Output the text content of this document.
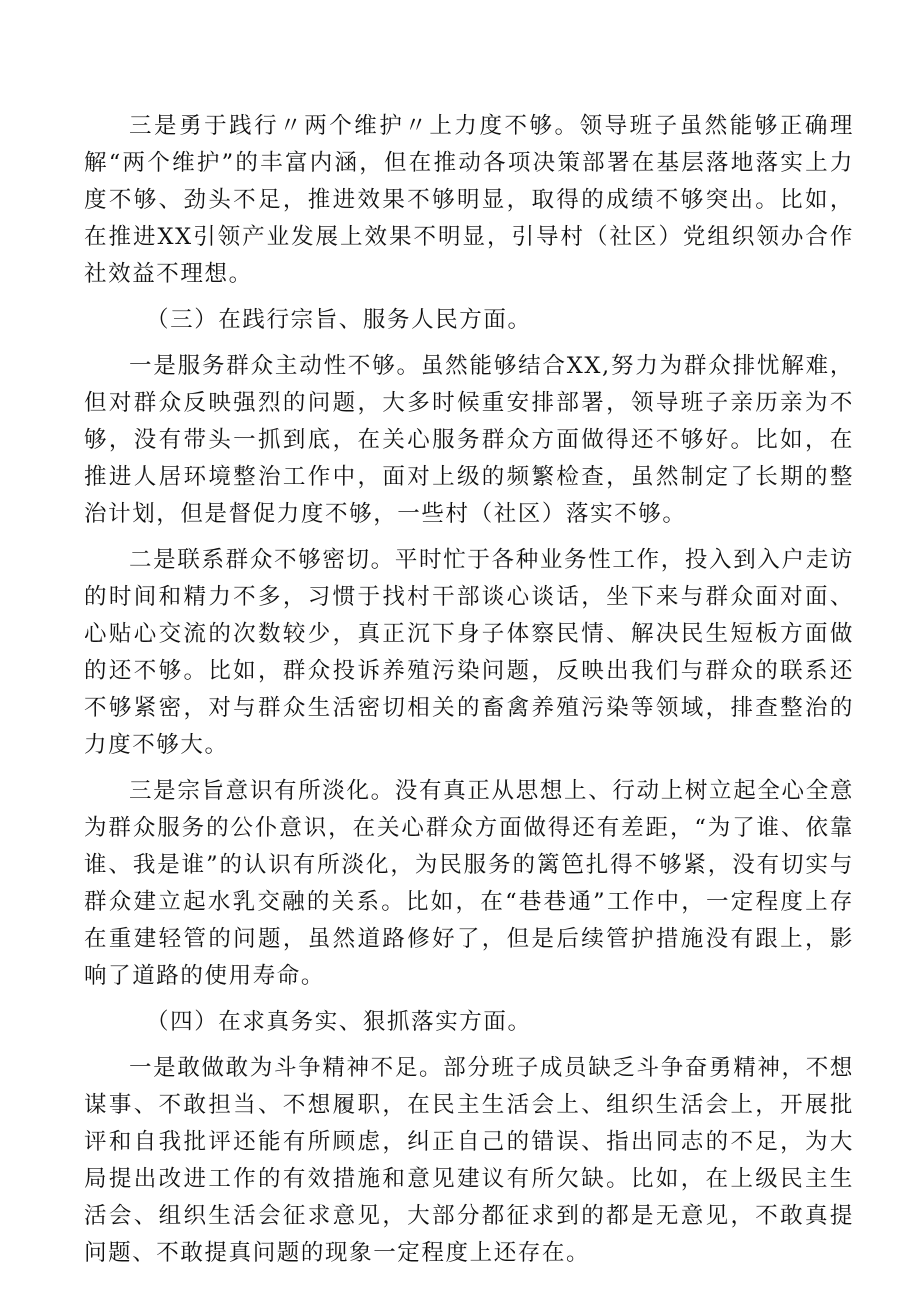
三是勇于践行〃两个维护〃上力度不够。领导班子虽然能够正确理解“两个维护”的丰富内涵，但在推动各项决策部署在基层落地落实上力度不够、劲头不足，推进效果不够明显，取得的成绩不够突出。比如，在推进XX引领产业发展上效果不明显，引导村（社区）党组织领办合作社效益不理想。

（三）在践行宗旨、服务人民方面。

一是服务群众主动性不够。虽然能够结合XX,努力为群众排忧解难，但对群众反映强烈的问题，大多时候重安排部署，领导班子亲历亲为不够，没有带头一抓到底，在关心服务群众方面做得还不够好。比如，在推进人居环境整治工作中，面对上级的频繁检查，虽然制定了长期的整治计划，但是督促力度不够，一些村（社区）落实不够。

二是联系群众不够密切。平时忙于各种业务性工作，投入到入户走访的时间和精力不多，习惯于找村干部谈心谈话，坐下来与群众面对面、心贴心交流的次数较少，真正沉下身子体察民情、解决民生短板方面做的还不够。比如，群众投诉养殖污染问题，反映出我们与群众的联系还不够紧密，对与群众生活密切相关的畜禽养殖污染等领域，排查整治的力度不够大。

三是宗旨意识有所淡化。没有真正从思想上、行动上树立起全心全意为群众服务的公仆意识，在关心群众方面做得还有差距，“为了谁、依靠谁、我是谁”的认识有所淡化，为民服务的篱笆扎得不够紧，没有切实与群众建立起水乳交融的关系。比如，在“巷巷通”工作中，一定程度上存在重建轻管的问题，虽然道路修好了，但是后续管护措施没有跟上，影响了道路的使用寿命。

（四）在求真务实、狠抓落实方面。

一是敢做敢为斗争精神不足。部分班子成员缺乏斗争奋勇精神，不想谋事、不敢担当、不想履职，在民主生活会上、组织生活会上，开展批评和自我批评还能有所顾虑，纠正自己的错误、指出同志的不足，为大局提出改进工作的有效措施和意见建议有所欠缺。比如，在上级民主生活会、组织生活会征求意见，大部分都征求到的都是无意见，不敢真提问题、不敢提真问题的现象一定程度上还存在。
